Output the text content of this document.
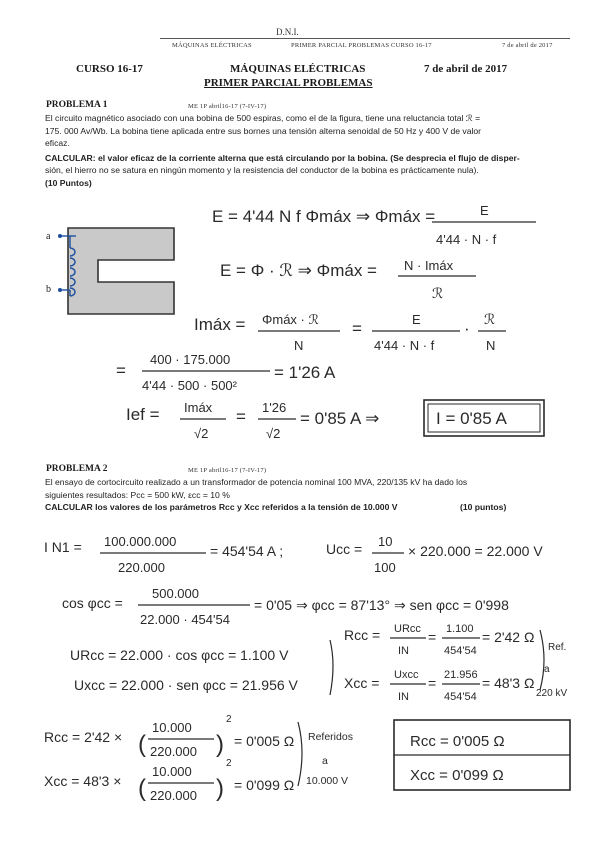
D.N.I.
MÁQUINAS ELÉCTRICAS	PRIMER PARCIAL PROBLEMAS CURSO 16-17	7 de abril de 2017
CURSO 16-17	MÁQUINAS ELÉCTRICAS	7 de abril de 2017
PRIMER PARCIAL PROBLEMAS
PROBLEMA 1	ME 1P abril16-17 (7-IV-17)
El circuito magnético asociado con una bobina de 500 espiras, como el de la figura, tiene una reluctancia total ℛ =
175. 000 Av/Wb. La bobina tiene aplicada entre sus bornes una tensión alterna senoidal de 50 Hz y 400 V de valor
eficaz.
CALCULAR: el valor eficaz de la corriente alterna que está circulando por la bobina. (Se desprecia el flujo de disper-
sión, el hierro no se satura en ningún momento y la resistencia del conductor de la bobina es prácticamente nula).
(10 Puntos)
a
b
E = 4'44 N f Φmáx ⇒ Φmáx =	E
4'44 · N · f
E = Φ · ℛ ⇒ Φmáx = N · Imáx
ℛ
Imáx = Φmáx · ℛ
N
=	E
4'44 · N · f
· ℛ
N
=
400 · 175.000
4'44 · 500 · 500²
= 1'26 A
Ief = Imáx
√2
= 1'26
√2
= 0'85 A ⇒	I = 0'85 A
PROBLEMA 2	ME 1P abril16-17 (7-IV-17)
El ensayo de cortocircuito realizado a un transformador de potencia nominal 100 MVA, 220/135 kV ha dado los
siguientes resultados: Pcc = 500 kW, εcc = 10 %
CALCULAR los valores de los parámetros Rcc y Xcc referidos a la tensión de 10.000 V	(10 puntos)
I N1 = 100.000.000
220.000
= 454'54 A ;	Ucc = 10
100
× 220.000 = 22.000 V
cos φcc =
500.000
22.000 · 454'54
= 0'05 ⇒ φcc = 87'13° ⇒ sen φcc = 0'998
URcc = 22.000 · cos φcc = 1.100 V
Uxcc = 22.000 · sen φcc = 21.956 V
Rcc = URcc
IN
= 1.100
454'54
= 2'42 Ω
Xcc = Uxcc
IN
= 21.956
454'54
= 48'3 Ω
Ref.
a
220 kV
Rcc = 2'42 × (
10.000
220.000 )
2
= 0'005 Ω
Xcc = 48'3 × (
10.000
220.000 )
2
= 0'099 Ω
Referidos
a
10.000 V
Rcc = 0'005 Ω
Xcc = 0'099 Ω
